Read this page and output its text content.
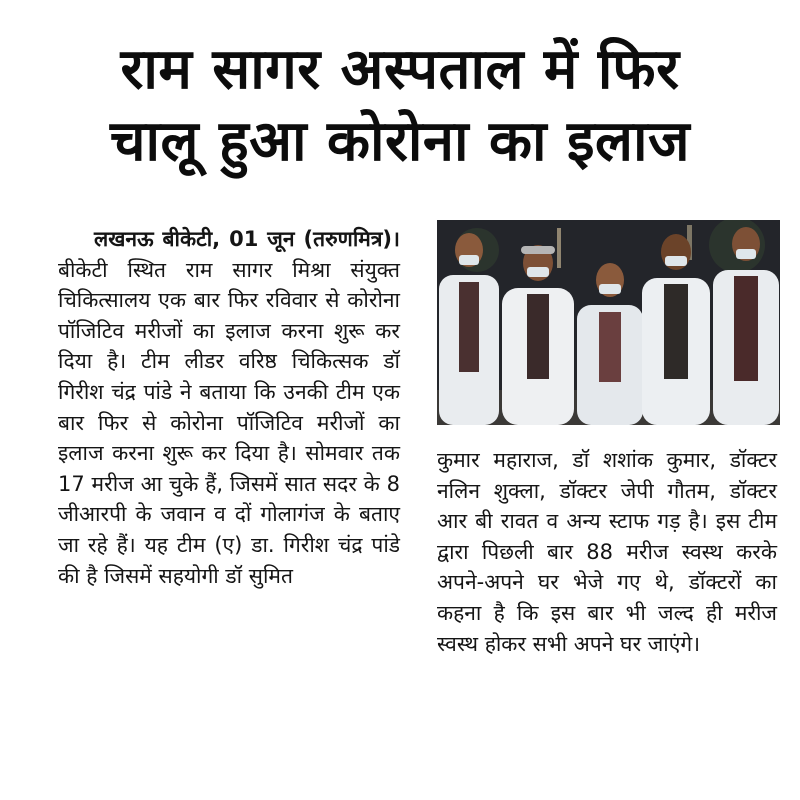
राम सागर अस्पताल में फिर
चालू हुआ कोरोना का इलाज

लखनऊ बीकेटी, 01 जून (तरुणमित्र)। बीकेटी स्थित राम सागर मिश्रा संयुक्त चिकित्सालय एक बार फिर रविवार से कोरोना पॉजिटिव मरीजों का इलाज करना शुरू कर दिया है। टीम लीडर वरिष्ठ चिकित्सक डॉ गिरीश चंद्र पांडे ने बताया कि उनकी टीम एक बार फिर से कोरोना पॉजिटिव मरीजों का इलाज करना शुरू कर दिया है। सोमवार तक 17 मरीज आ चुके हैं, जिसमें सात सदर के 8 जीआरपी के जवान व दों गोलागंज के बताए जा रहे हैं। यह टीम (ए) डा. गिरीश चंद्र पांडे की है जिसमें सहयोगी डॉ सुमित

कुमार महाराज, डॉ शशांक कुमार, डॉक्टर नलिन शुक्ला, डॉक्टर जेपी गौतम, डॉक्टर आर बी रावत व अन्य स्टाफ गड़ है। इस टीम द्वारा पिछली बार 88 मरीज स्वस्थ करके अपने-अपने घर भेजे गए थे, डॉक्टरों का कहना है कि इस बार भी जल्द ही मरीज स्वस्थ होकर सभी अपने घर जाएंगे।
